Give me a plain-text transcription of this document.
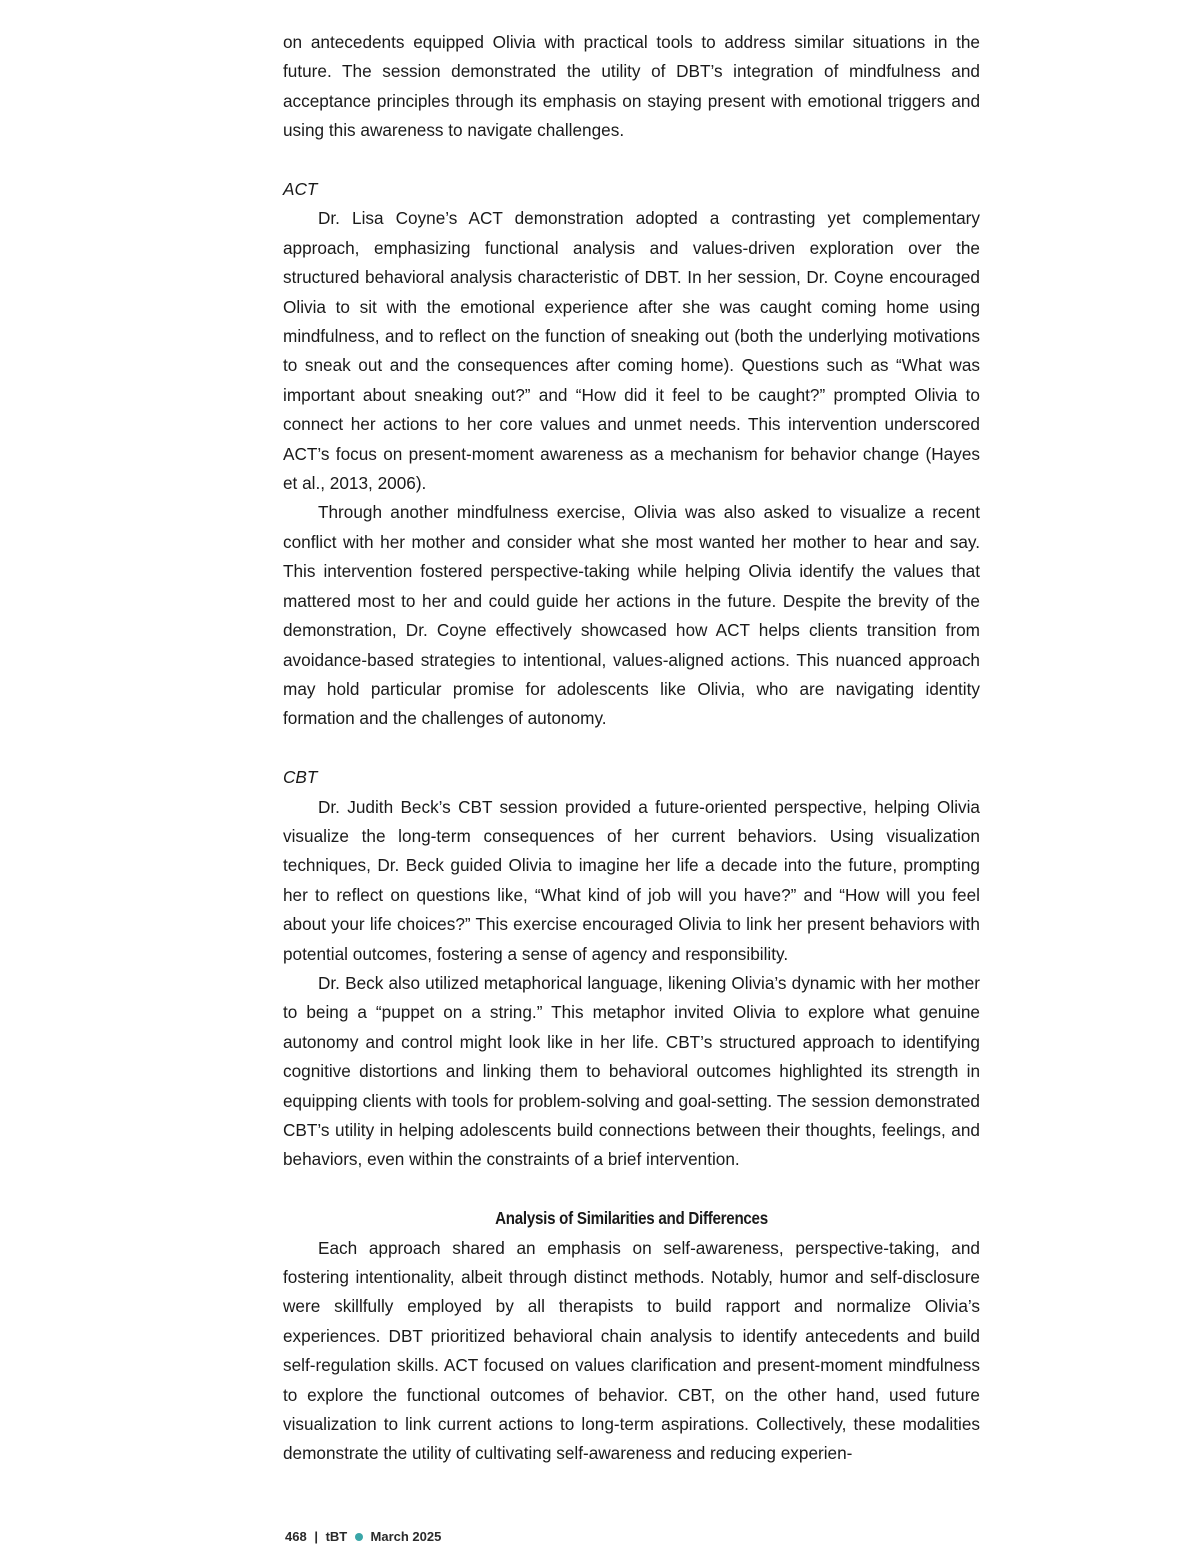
on antecedents equipped Olivia with practical tools to address similar situations in the future. The session demonstrated the utility of DBT’s integration of mindfulness and acceptance principles through its emphasis on staying present with emotional triggers and using this awareness to navigate challenges.

ACT

Dr. Lisa Coyne’s ACT demonstration adopted a contrasting yet complementary approach, emphasizing functional analysis and values-driven exploration over the structured behavioral analysis characteristic of DBT. In her session, Dr. Coyne encouraged Olivia to sit with the emotional experience after she was caught coming home using mindfulness, and to reflect on the function of sneaking out (both the underlying motivations to sneak out and the consequences after coming home). Questions such as “What was important about sneaking out?” and “How did it feel to be caught?” prompted Olivia to connect her actions to her core values and unmet needs. This intervention underscored ACT’s focus on present-moment awareness as a mechanism for behavior change (Hayes et al., 2013, 2006).

Through another mindfulness exercise, Olivia was also asked to visualize a recent conflict with her mother and consider what she most wanted her mother to hear and say. This intervention fostered perspective-taking while helping Olivia identify the values that mattered most to her and could guide her actions in the future. Despite the brevity of the demonstration, Dr. Coyne effectively showcased how ACT helps clients transition from avoidance-based strategies to intentional, values-aligned actions. This nuanced approach may hold particular promise for adolescents like Olivia, who are navigating identity formation and the challenges of autonomy.

CBT

Dr. Judith Beck’s CBT session provided a future-oriented perspective, helping Olivia visualize the long-term consequences of her current behaviors. Using visualization techniques, Dr. Beck guided Olivia to imagine her life a decade into the future, prompting her to reflect on questions like, “What kind of job will you have?” and “How will you feel about your life choices?” This exercise encouraged Olivia to link her present behaviors with potential outcomes, fostering a sense of agency and responsibility.

Dr. Beck also utilized metaphorical language, likening Olivia’s dynamic with her mother to being a “puppet on a string.” This metaphor invited Olivia to explore what genuine autonomy and control might look like in her life. CBT’s structured approach to identifying cognitive distortions and linking them to behavioral outcomes highlighted its strength in equipping clients with tools for problem-solving and goal-setting. The session demonstrated CBT’s utility in helping adolescents build connections between their thoughts, feelings, and behaviors, even within the constraints of a brief intervention.

Analysis of Similarities and Differences

Each approach shared an emphasis on self-awareness, perspective-taking, and fostering intentionality, albeit through distinct methods. Notably, humor and self-disclosure were skillfully employed by all therapists to build rapport and normalize Olivia’s experiences. DBT prioritized behavioral chain analysis to identify antecedents and build self-regulation skills. ACT focused on values clarification and present-moment mindfulness to explore the functional outcomes of behavior. CBT, on the other hand, used future visualization to link current actions to long-term aspirations. Collectively, these modalities demonstrate the utility of cultivating self-awareness and reducing experien-

468 | tBT March 2025
